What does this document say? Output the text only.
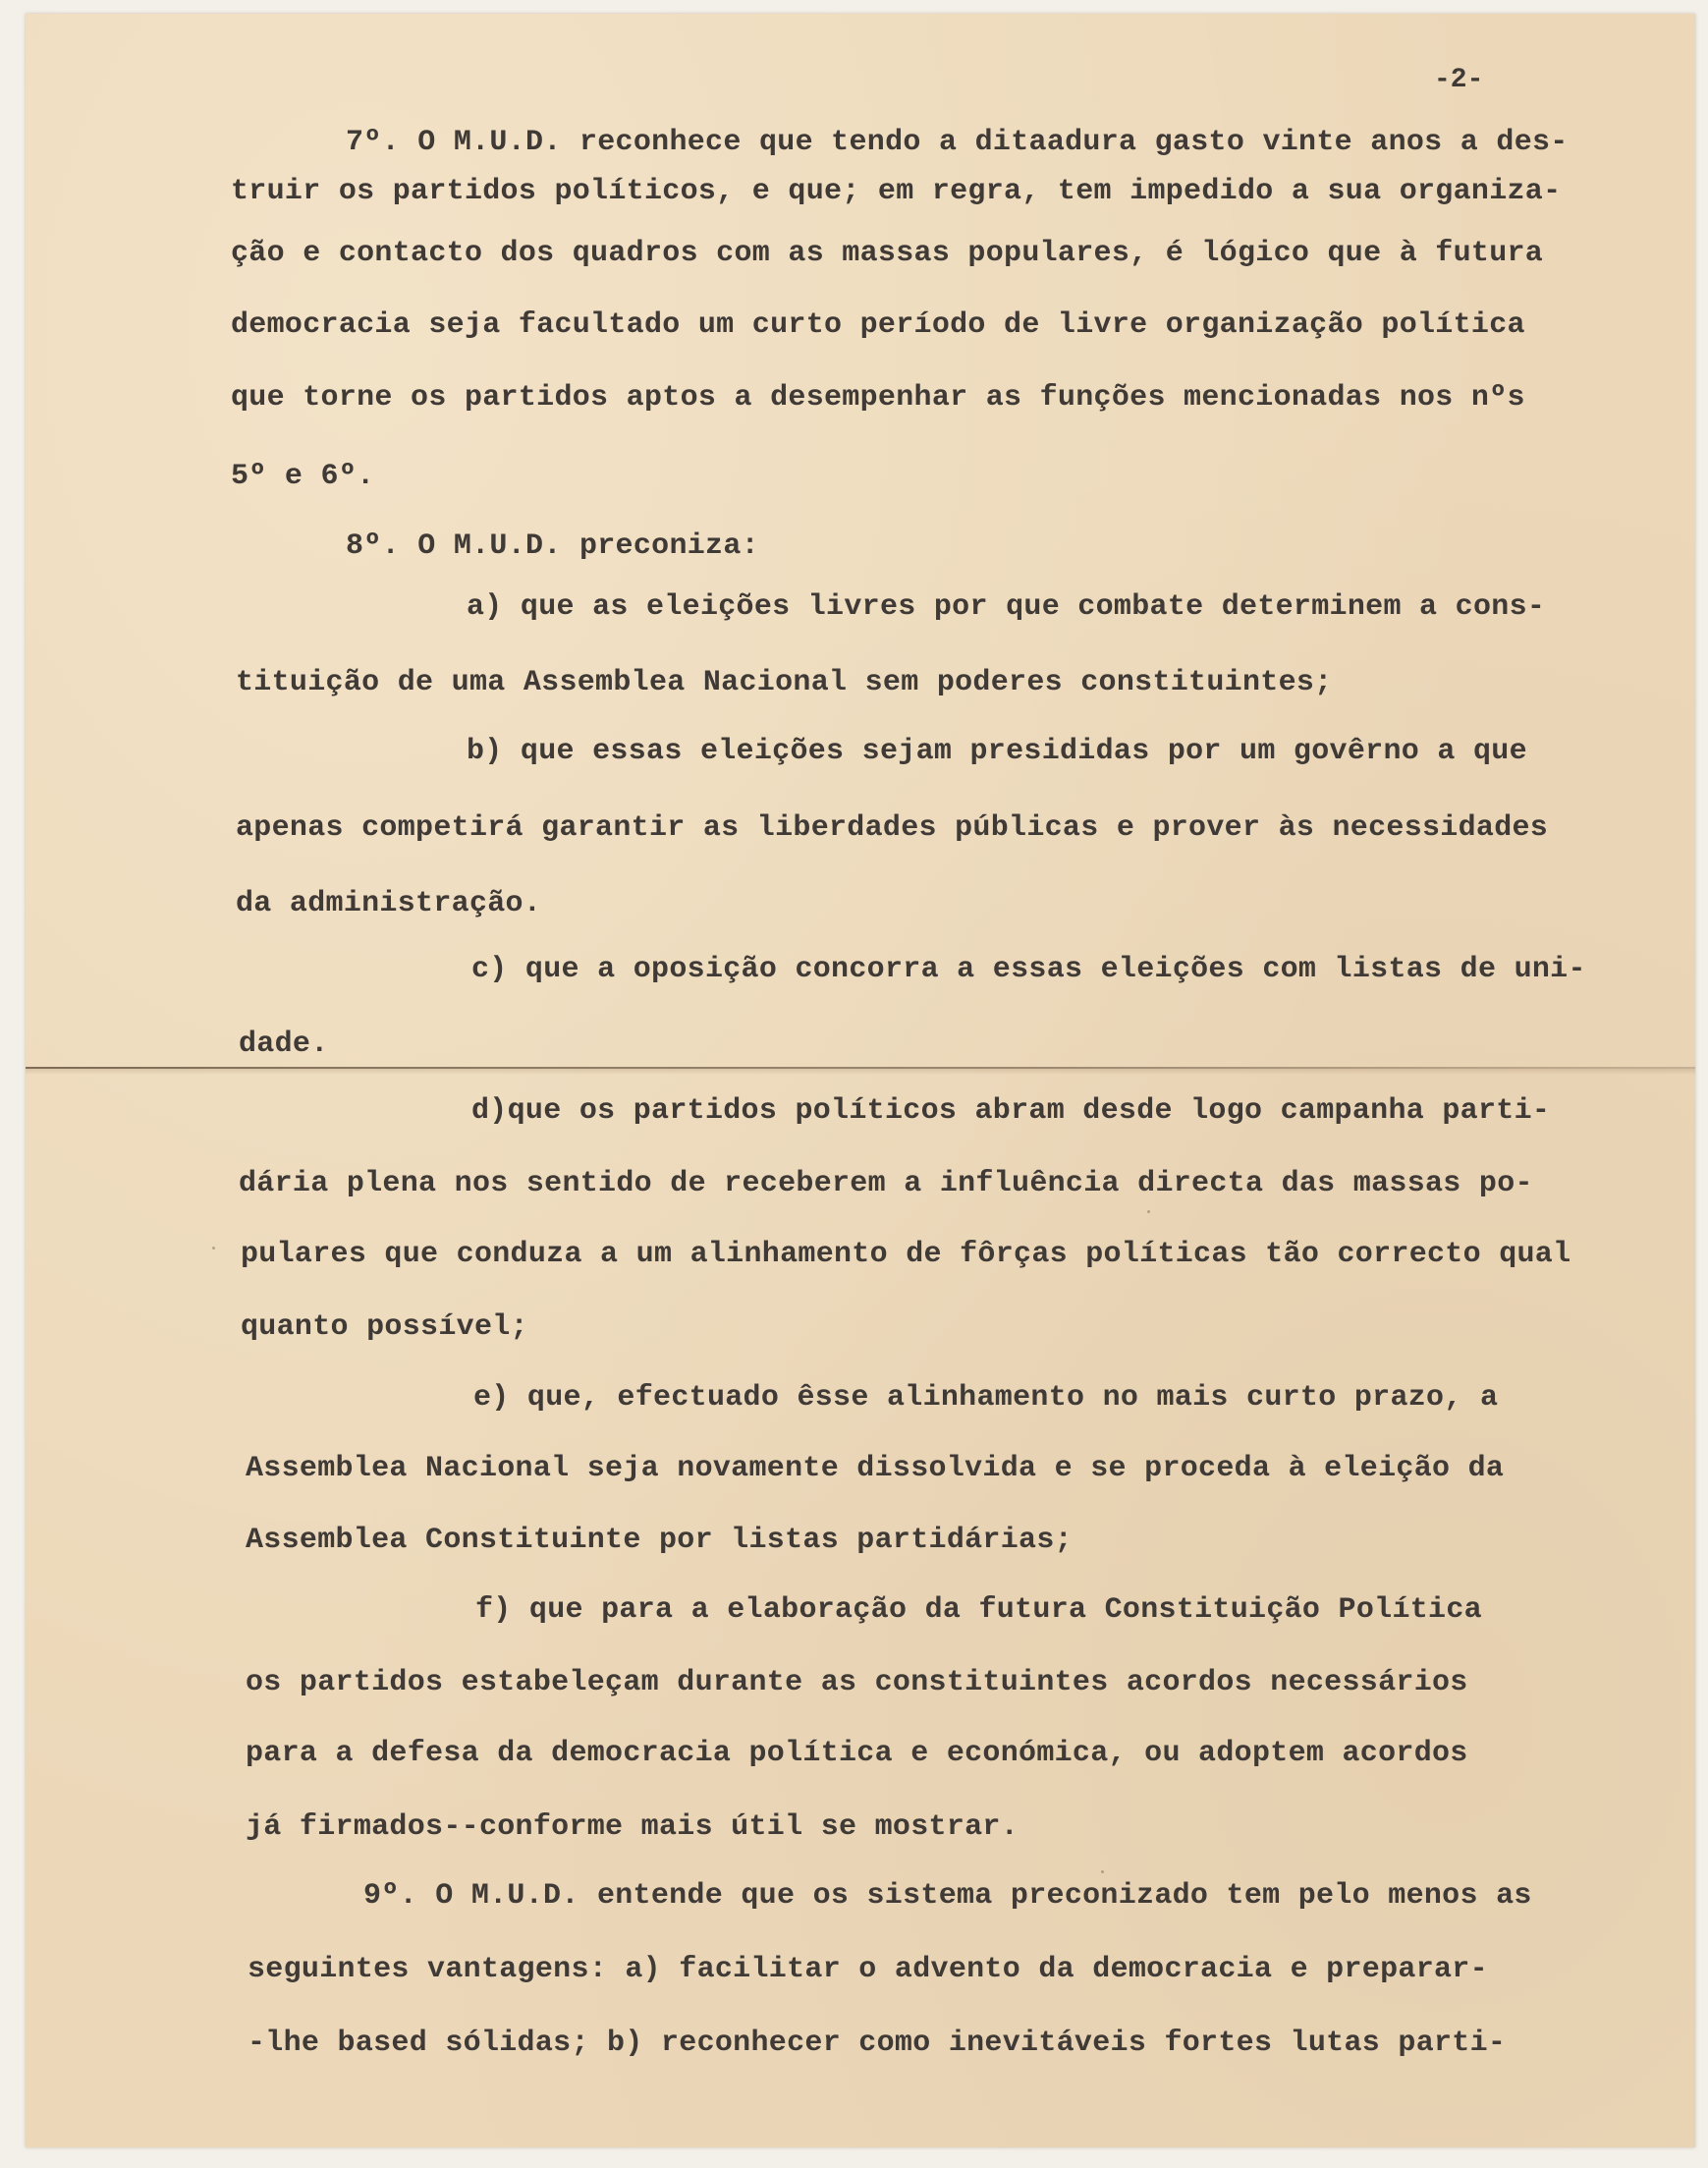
-2-

7º. O M.U.D. reconhece que tendo a ditaadura gasto vinte anos a des-

truir os partidos políticos, e que; em regra, tem impedido a sua organiza-

ção e contacto dos quadros com as massas populares, é lógico que à futura

democracia seja facultado um curto período de livre organização política

que torne os partidos aptos a desempenhar as funções mencionadas nos nºs

5º e 6º.

8º. O M.U.D. preconiza:

a) que as eleições livres por que combate determinem a cons-

tituição de uma Assemblea Nacional sem poderes constituintes;

b) que essas eleições sejam presididas por um govêrno a que

apenas competirá garantir as liberdades públicas e prover às necessidades

da administração.

c) que a oposição concorra a essas eleições com listas de uni-

dade.

d)que os partidos políticos abram desde logo campanha parti-

dária plena nos sentido de receberem a influência directa das massas po-

pulares que conduza a um alinhamento de fôrças políticas tão correcto qual

quanto possível;

e) que, efectuado êsse alinhamento no mais curto prazo, a

Assemblea Nacional seja novamente dissolvida e se proceda à eleição da

Assemblea Constituinte por listas partidárias;

f) que para a elaboração da futura Constituição Política

os partidos estabeleçam durante as constituintes acordos necessários

para a defesa da democracia política e económica, ou adoptem acordos

já firmados--conforme mais útil se mostrar.

9º. O M.U.D. entende que os sistema preconizado tem pelo menos as

seguintes vantagens: a) facilitar o advento da democracia e preparar-

-lhe based sólidas; b) reconhecer como inevitáveis fortes lutas parti-
